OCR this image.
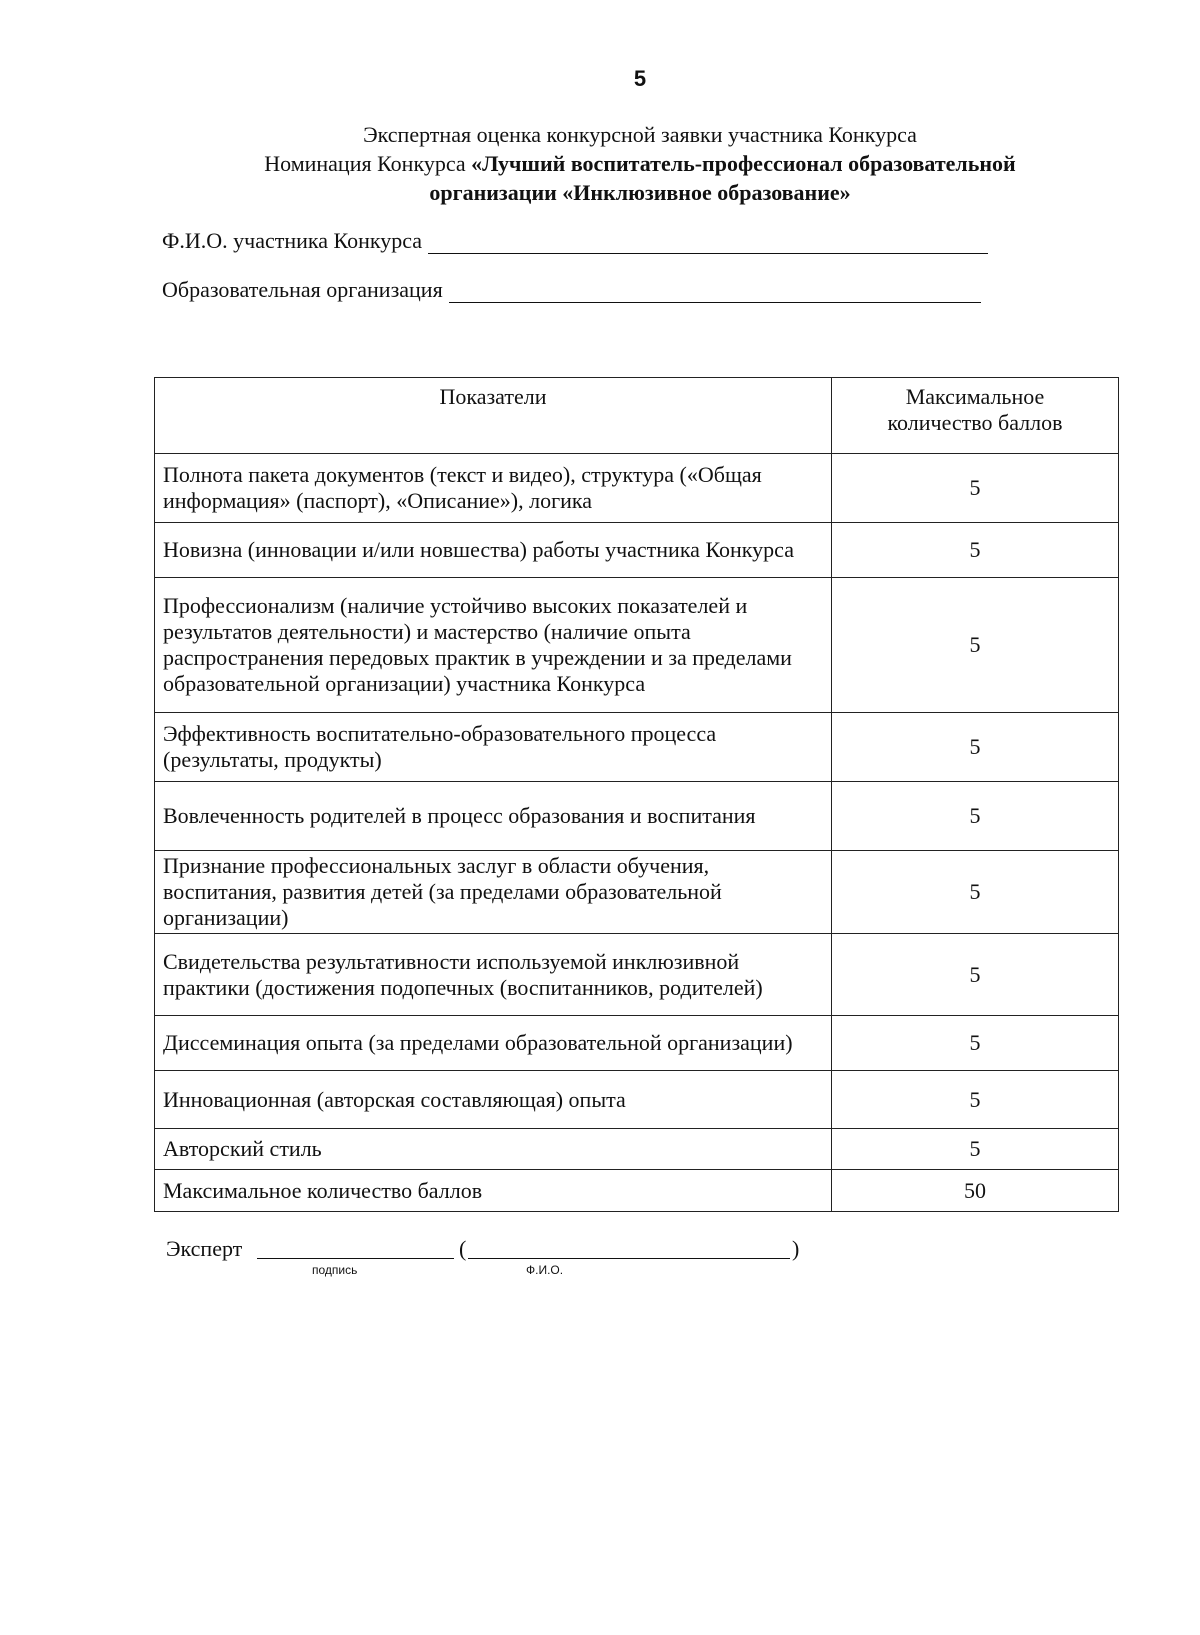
5
Экспертная оценка конкурсной заявки участника Конкурса
Номинация Конкурса «Лучший воспитатель-профессионал образовательной
организации «Инклюзивное образование»
Ф.И.О. участника Конкурса
Образовательная организация
Показатели	Максимальное количество баллов

Полнота пакета документов (текст и видео), структура («Общая информация» (паспорт), «Описание»), логика	5
Новизна (инновации и/или новшества) работы участника Конкурса	5
Профессионализм (наличие устойчиво высоких показателей и результатов деятельности) и мастерство (наличие опыта распространения передовых практик в учреждении и за пределами образовательной организации) участника Конкурса	5
Эффективность воспитательно-образовательного процесса (результаты, продукты)	5
Вовлеченность родителей в процесс образования и воспитания	5
Признание профессиональных заслуг в области обучения, воспитания, развития детей (за пределами образовательной организации)	5
Свидетельства результативности используемой инклюзивной практики (достижения подопечных (воспитанников, родителей)	5
Диссеминация опыта (за пределами образовательной организации)	5
Инновационная (авторская составляющая) опыта	5
Авторский стиль	5
Максимальное количество баллов	50
Эксперт
подпись
(
Ф.И.О.
)
